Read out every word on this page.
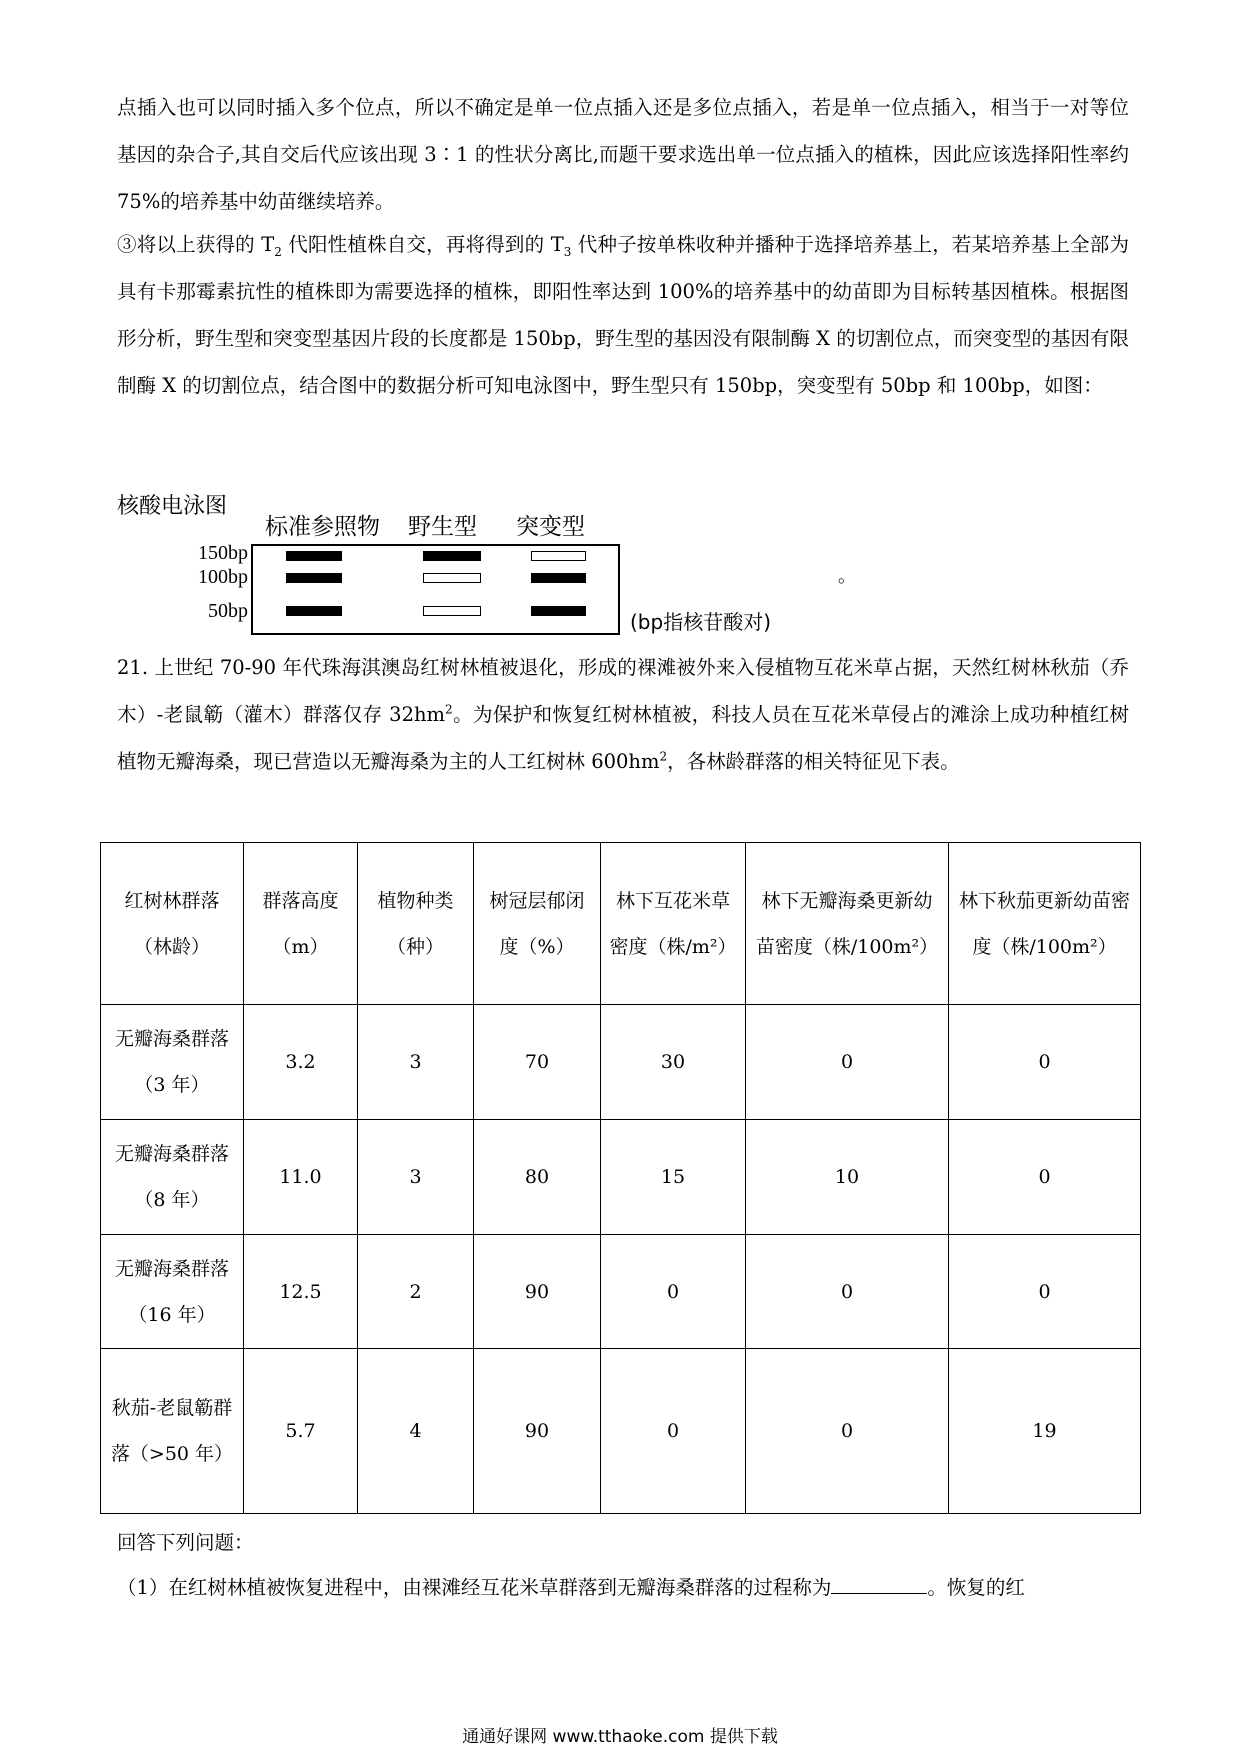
点插入也可以同时插入多个位点，所以不确定是单一位点插入还是多位点插入，若是单一位点插入，相当于一对等位基因的杂合子,其自交后代应该出现 3∶1 的性状分离比,而题干要求选出单一位点插入的植株，因此应该选择阳性率约 75%的培养基中幼苗继续培养。

③将以上获得的 $T_2$ 代阳性植株自交，再将得到的 $T_3$ 代种子按单株收种并播种于选择培养基上，若某培养基上全部为具有卡那霉素抗性的植株即为需要选择的植株，即阳性率达到 100%的培养基中的幼苗即为目标转基因植株。根据图形分析，野生型和突变型基因片段的长度都是 150bp，野生型的基因没有限制酶 X 的切割位点，而突变型的基因有限制酶 X 的切割位点，结合图中的数据分析可知电泳图中，野生型只有 150bp，突变型有 50bp 和 100bp，如图：

核酸电泳图
标准参照物 野生型 突变型
150bp
100bp
50bp	(bp指核苷酸对)
。

21. 上世纪 70-90 年代珠海淇澳岛红树林植被退化，形成的裸滩被外来入侵植物互花米草占据，天然红树林秋茄（乔木）-老鼠簕（灌木）群落仅存 $32hm^2$。为保护和恢复红树林植被，科技人员在互花米草侵占的滩涂上成功种植红树植物无瓣海桑，现已营造以无瓣海桑为主的人工红树林 $600hm^2$，各林龄群落的相关特征见下表。

红树林群落（林龄）	群落高度（m）	植物种类（种）	树冠层郁闭度（%）	林下互花米草密度（株/m²）	林下无瓣海桑更新幼苗密度（株/100m²）	林下秋茄更新幼苗密度（株/100m²）
无瓣海桑群落（3 年）	3.2	3	70	30	0	0
无瓣海桑群落（8 年）	11.0	3	80	15	10	0
无瓣海桑群落（16 年）	12.5	2	90	0	0	0
秋茄-老鼠簕群落（>50 年）	5.7	4	90	0	0	19

回答下列问题：

（1）在红树林植被恢复进程中，由裸滩经互花米草群落到无瓣海桑群落的过程称为	。恢复的红

通通好课网 www.tthaoke.com 提供下载
